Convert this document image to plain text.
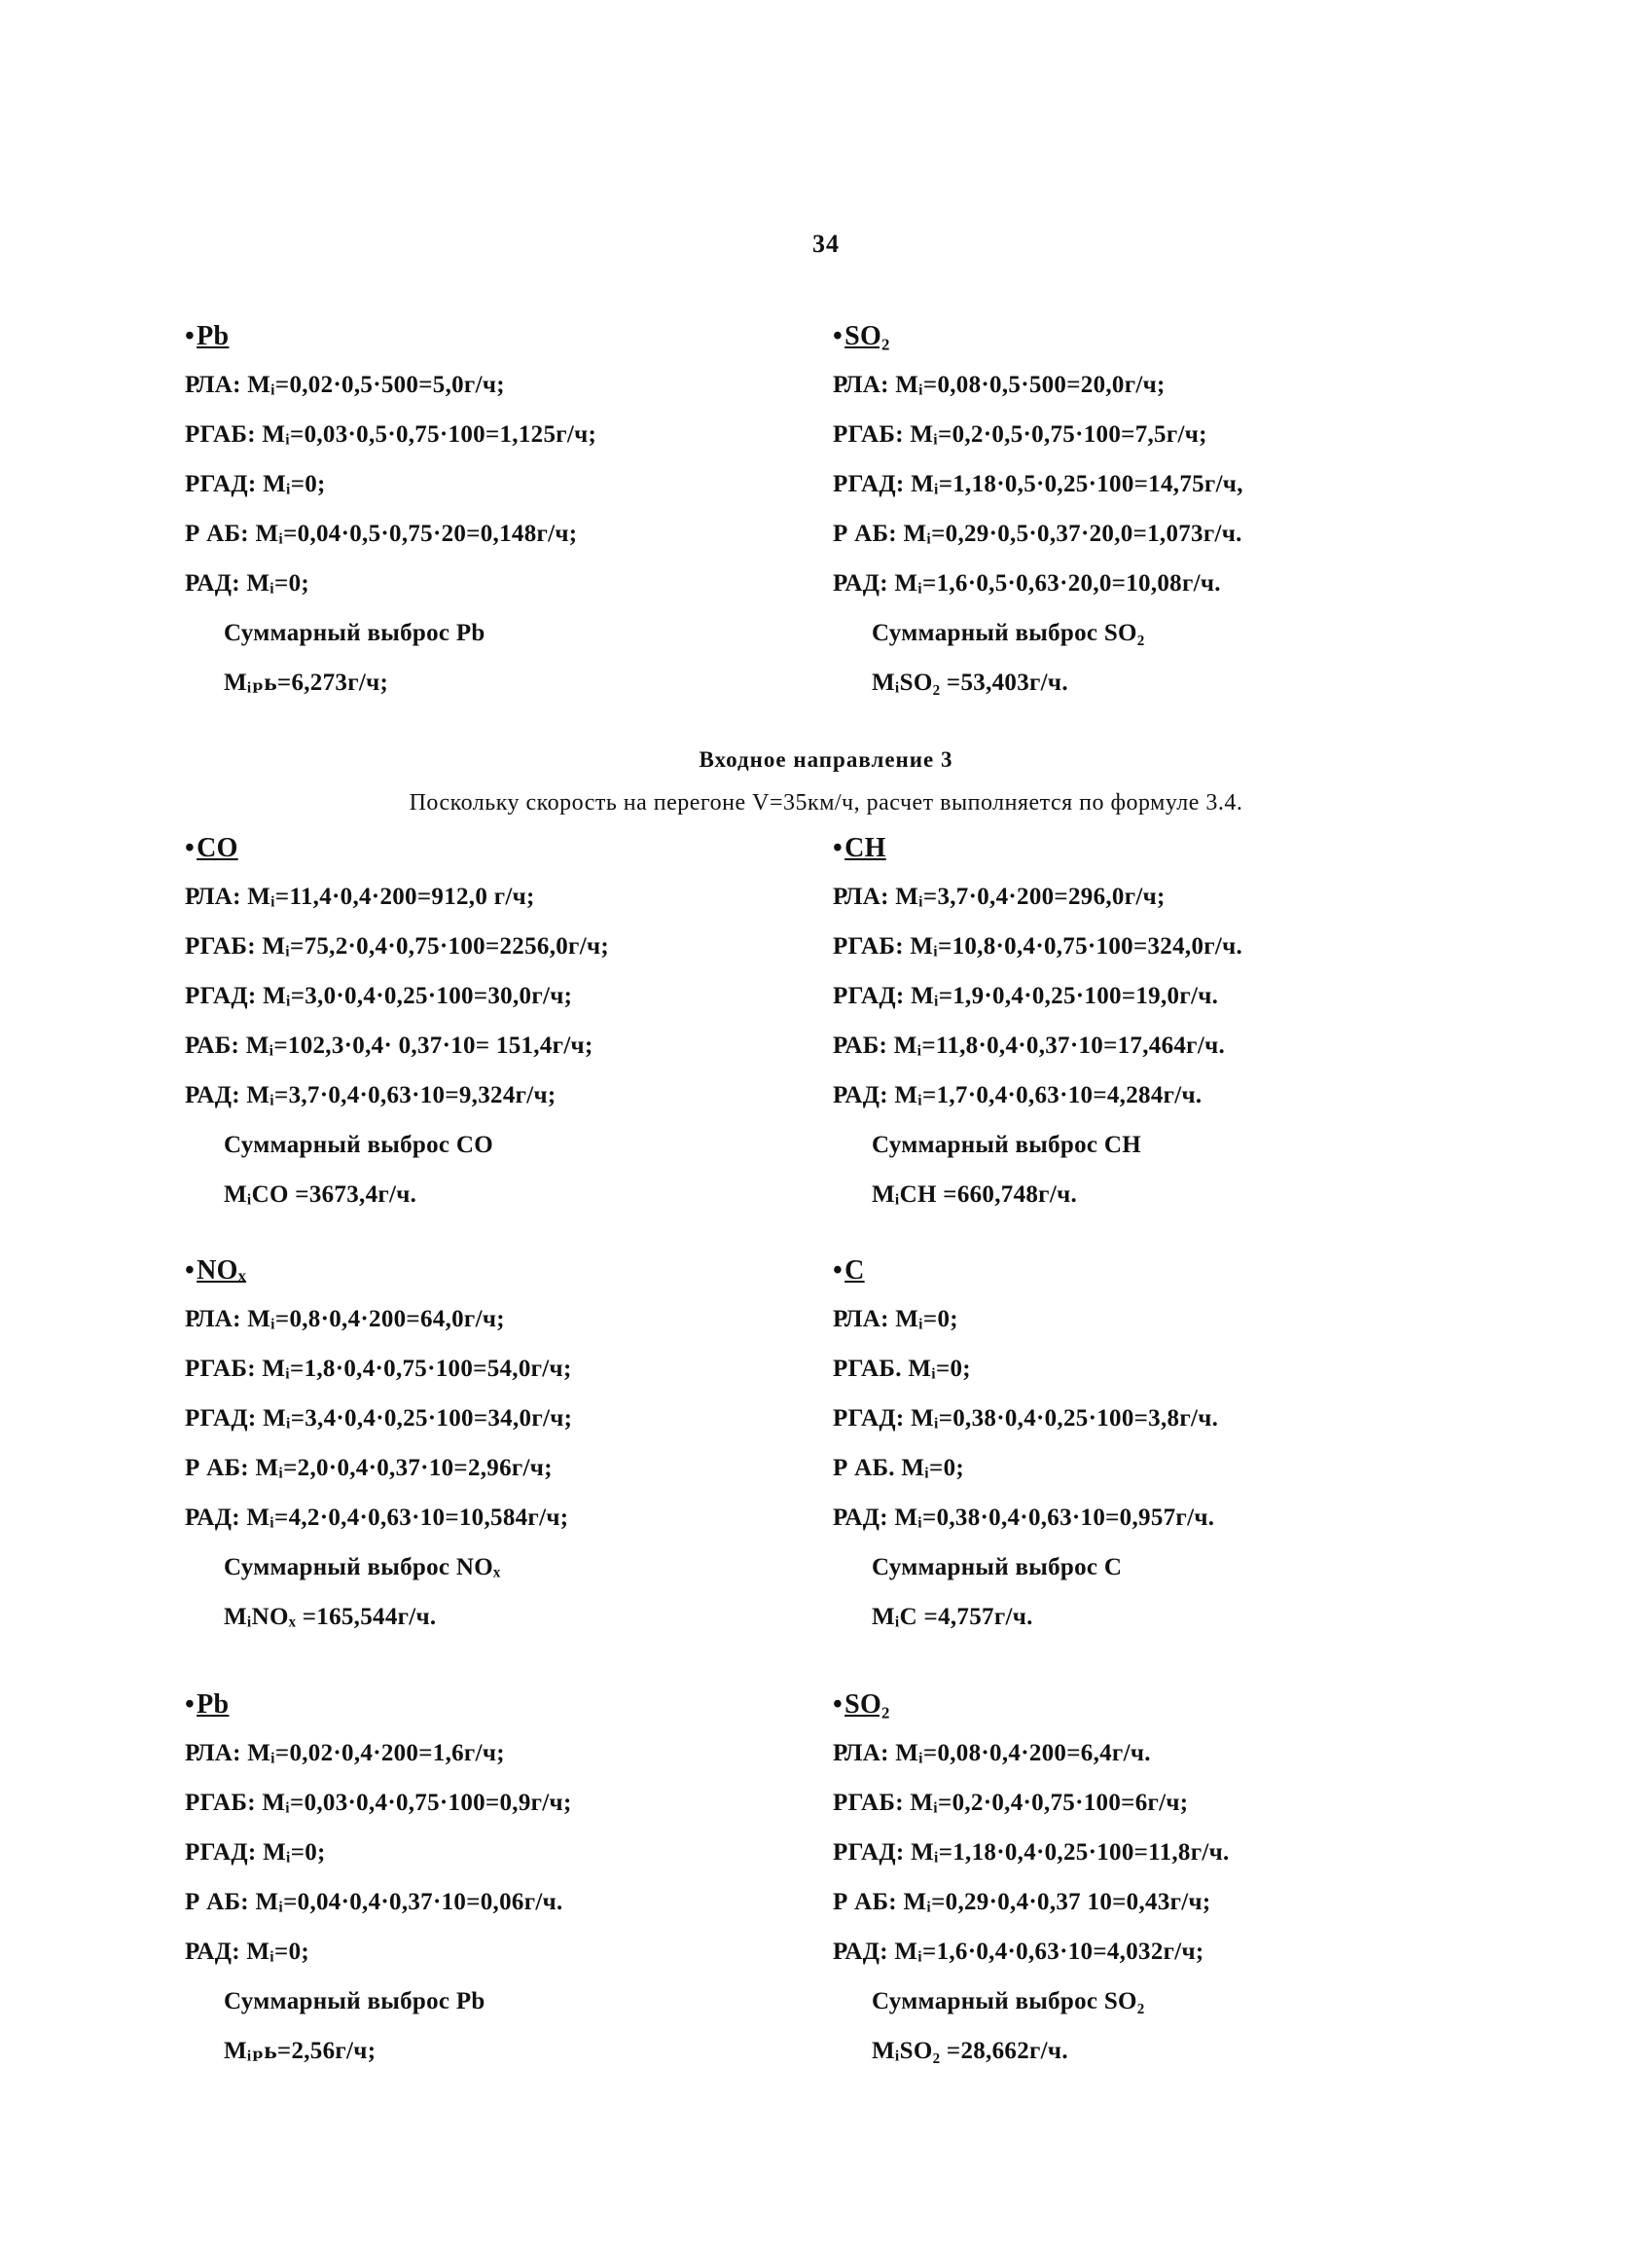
34
•Pb
РЛА: Mᵢ=0,02·0,5·500=5,0г/ч;
РГАБ: Mᵢ=0,03·0,5·0,75·100=1,125г/ч;
РГАД: Mᵢ=0;
Р АБ: Mᵢ=0,04·0,5·0,75·20=0,148г/ч;
РАД: Mᵢ=0;
Суммарный выброс Pb
Mᵢₚь=6,273г/ч;
•SO₂
РЛА: Mᵢ=0,08·0,5·500=20,0г/ч;
РГАБ: Mᵢ=0,2·0,5·0,75·100=7,5г/ч;
РГАД: Mᵢ=1,18·0,5·0,25·100=14,75г/ч,
Р АБ: Mᵢ=0,29·0,5·0,37·20,0=1,073г/ч.
РАД: Mᵢ=1,6·0,5·0,63·20,0=10,08г/ч.
Суммарный выброс SO₂
MᵢSO₂ =53,403г/ч.
Входное направление 3
Поскольку скорость на перегоне V=35км/ч, расчет выполняется по формуле 3.4.
•CO
РЛА: Mᵢ=11,4·0,4·200=912,0 г/ч;
РГАБ: Mᵢ=75,2·0,4·0,75·100=2256,0г/ч;
РГАД: Mᵢ=3,0·0,4·0,25·100=30,0г/ч;
РАБ: Mᵢ=102,3·0,4· 0,37·10= 151,4г/ч;
РАД: Mᵢ=3,7·0,4·0,63·10=9,324г/ч;
Суммарный выброс CO
MᵢCO =3673,4г/ч.
•CH
РЛА: Mᵢ=3,7·0,4·200=296,0г/ч;
РГАБ: Mᵢ=10,8·0,4·0,75·100=324,0г/ч.
РГАД: Mᵢ=1,9·0,4·0,25·100=19,0г/ч.
РАБ: Mᵢ=11,8·0,4·0,37·10=17,464г/ч.
РАД: Mᵢ=1,7·0,4·0,63·10=4,284г/ч.
Суммарный выброс CH
MᵢCH =660,748г/ч.
•NOₓ
РЛА: Mᵢ=0,8·0,4·200=64,0г/ч;
РГАБ: Mᵢ=1,8·0,4·0,75·100=54,0г/ч;
РГАД: Mᵢ=3,4·0,4·0,25·100=34,0г/ч;
Р АБ: Mᵢ=2,0·0,4·0,37·10=2,96г/ч;
РАД: Mᵢ=4,2·0,4·0,63·10=10,584г/ч;
Суммарный выброс NOₓ
MᵢNOₓ =165,544г/ч.
•C
РЛА: Mᵢ=0;
РГАБ. Mᵢ=0;
РГАД: Mᵢ=0,38·0,4·0,25·100=3,8г/ч.
Р АБ. Mᵢ=0;
РАД: Mᵢ=0,38·0,4·0,63·10=0,957г/ч.
Суммарный выброс C
MᵢC =4,757г/ч.
•Pb
РЛА: Mᵢ=0,02·0,4·200=1,6г/ч;
РГАБ: Mᵢ=0,03·0,4·0,75·100=0,9г/ч;
РГАД: Mᵢ=0;
Р АБ: Mᵢ=0,04·0,4·0,37·10=0,06г/ч.
РАД: Mᵢ=0;
Суммарный выброс Pb
Mᵢₚь=2,56г/ч;
•SO₂
РЛА: Mᵢ=0,08·0,4·200=6,4г/ч.
РГАБ: Mᵢ=0,2·0,4·0,75·100=6г/ч;
РГАД: Mᵢ=1,18·0,4·0,25·100=11,8г/ч.
Р АБ: Mᵢ=0,29·0,4·0,37 10=0,43г/ч;
РАД: Mᵢ=1,6·0,4·0,63·10=4,032г/ч;
Суммарный выброс SO₂
MᵢSO₂ =28,662г/ч.
